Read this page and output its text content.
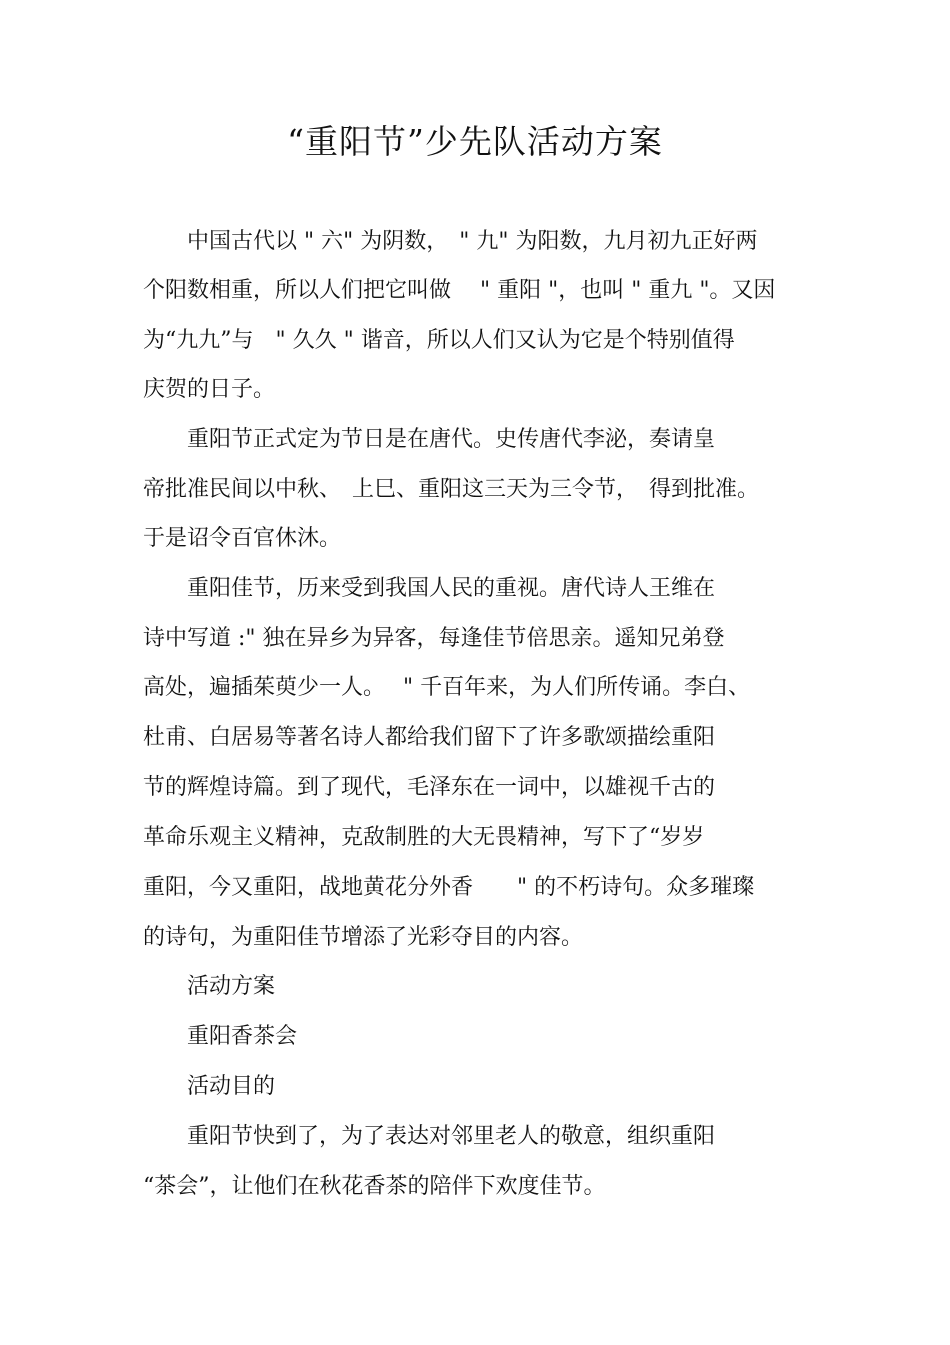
“重阳节”少先队活动方案

　　中国古代以 " 六" 为阴数，　" 九" 为阳数，九月初九正好两

个阳数相重，所以人们把它叫做　 " 重阳 "，也叫 " 重九 "。又因

为“九九”与　" 久久 " 谐音，所以人们又认为它是个特别值得

庆贺的日子。

　　重阳节正式定为节日是在唐代。史传唐代李泌，奏请皇

帝批准民间以中秋、　上巳、重阳这三天为三令节，　得到批准。

于是诏令百官休沐。

　　重阳佳节，历来受到我国人民的重视。唐代诗人王维在

诗中写道 :" 独在异乡为异客，每逢佳节倍思亲。遥知兄弟登

高处，遍插茱萸少一人。　 " 千百年来，为人们所传诵。李白、

杜甫、白居易等著名诗人都给我们留下了许多歌颂描绘重阳

节的辉煌诗篇。到了现代，毛泽东在一词中，以雄视千古的

革命乐观主义精神，克敌制胜的大无畏精神，写下了“岁岁

重阳，今又重阳，战地黄花分外香　　" 的不朽诗句。众多璀璨

的诗句，为重阳佳节增添了光彩夺目的内容。

　　活动方案

　　重阳香茶会

　　活动目的

　　重阳节快到了，为了表达对邻里老人的敬意，组织重阳

“茶会”，让他们在秋花香茶的陪伴下欢度佳节。
